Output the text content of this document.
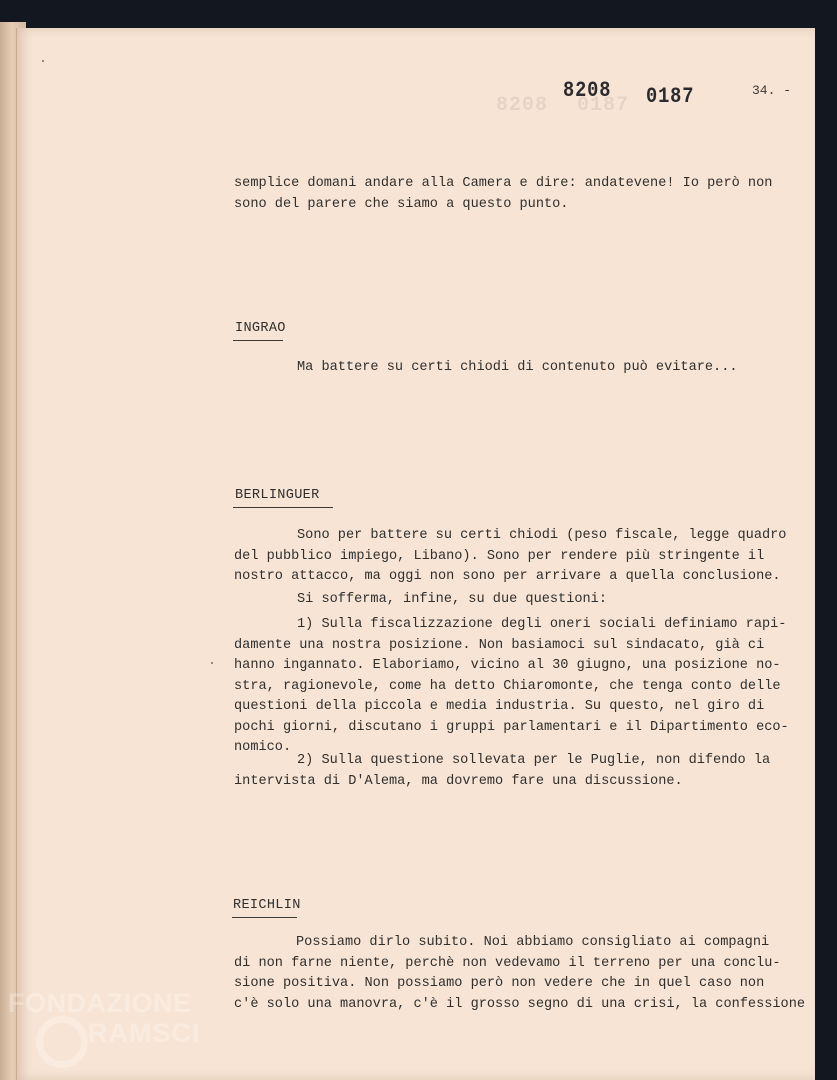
8208 0187
8208 0187	34. -
semplice domani andare alla Camera e dire: andatevene! Io però non
sono del parere che siamo a questo punto.
INGRAO
Ma battere su certi chiodi di contenuto può evitare...
BERLINGUER
Sono per battere su certi chiodi (peso fiscale, legge quadro
del pubblico impiego, Libano). Sono per rendere più stringente il
nostro attacco, ma oggi non sono per arrivare a quella conclusione.
Si sofferma, infine, su due questioni:
1) Sulla fiscalizzazione degli oneri sociali definiamo rapi-
damente una nostra posizione. Non basiamoci sul sindacato, già ci
hanno ingannato. Elaboriamo, vicino al 30 giugno, una posizione no-
stra, ragionevole, come ha detto Chiaromonte, che tenga conto delle
questioni della piccola e media industria. Su questo, nel giro di
pochi giorni, discutano i gruppi parlamentari e il Dipartimento eco-
nomico.
2) Sulla questione sollevata per le Puglie, non difendo la
intervista di D'Alema, ma dovremo fare una discussione.
REICHLIN
Possiamo dirlo subito. Noi abbiamo consigliato ai compagni
di non farne niente, perchè non vedevamo il terreno per una conclu-
sione positiva. Non possiamo però non vedere che in quel caso non
c'è solo una manovra, c'è il grosso segno di una crisi, la confessione
FONDAZIONE
RAMSCI
